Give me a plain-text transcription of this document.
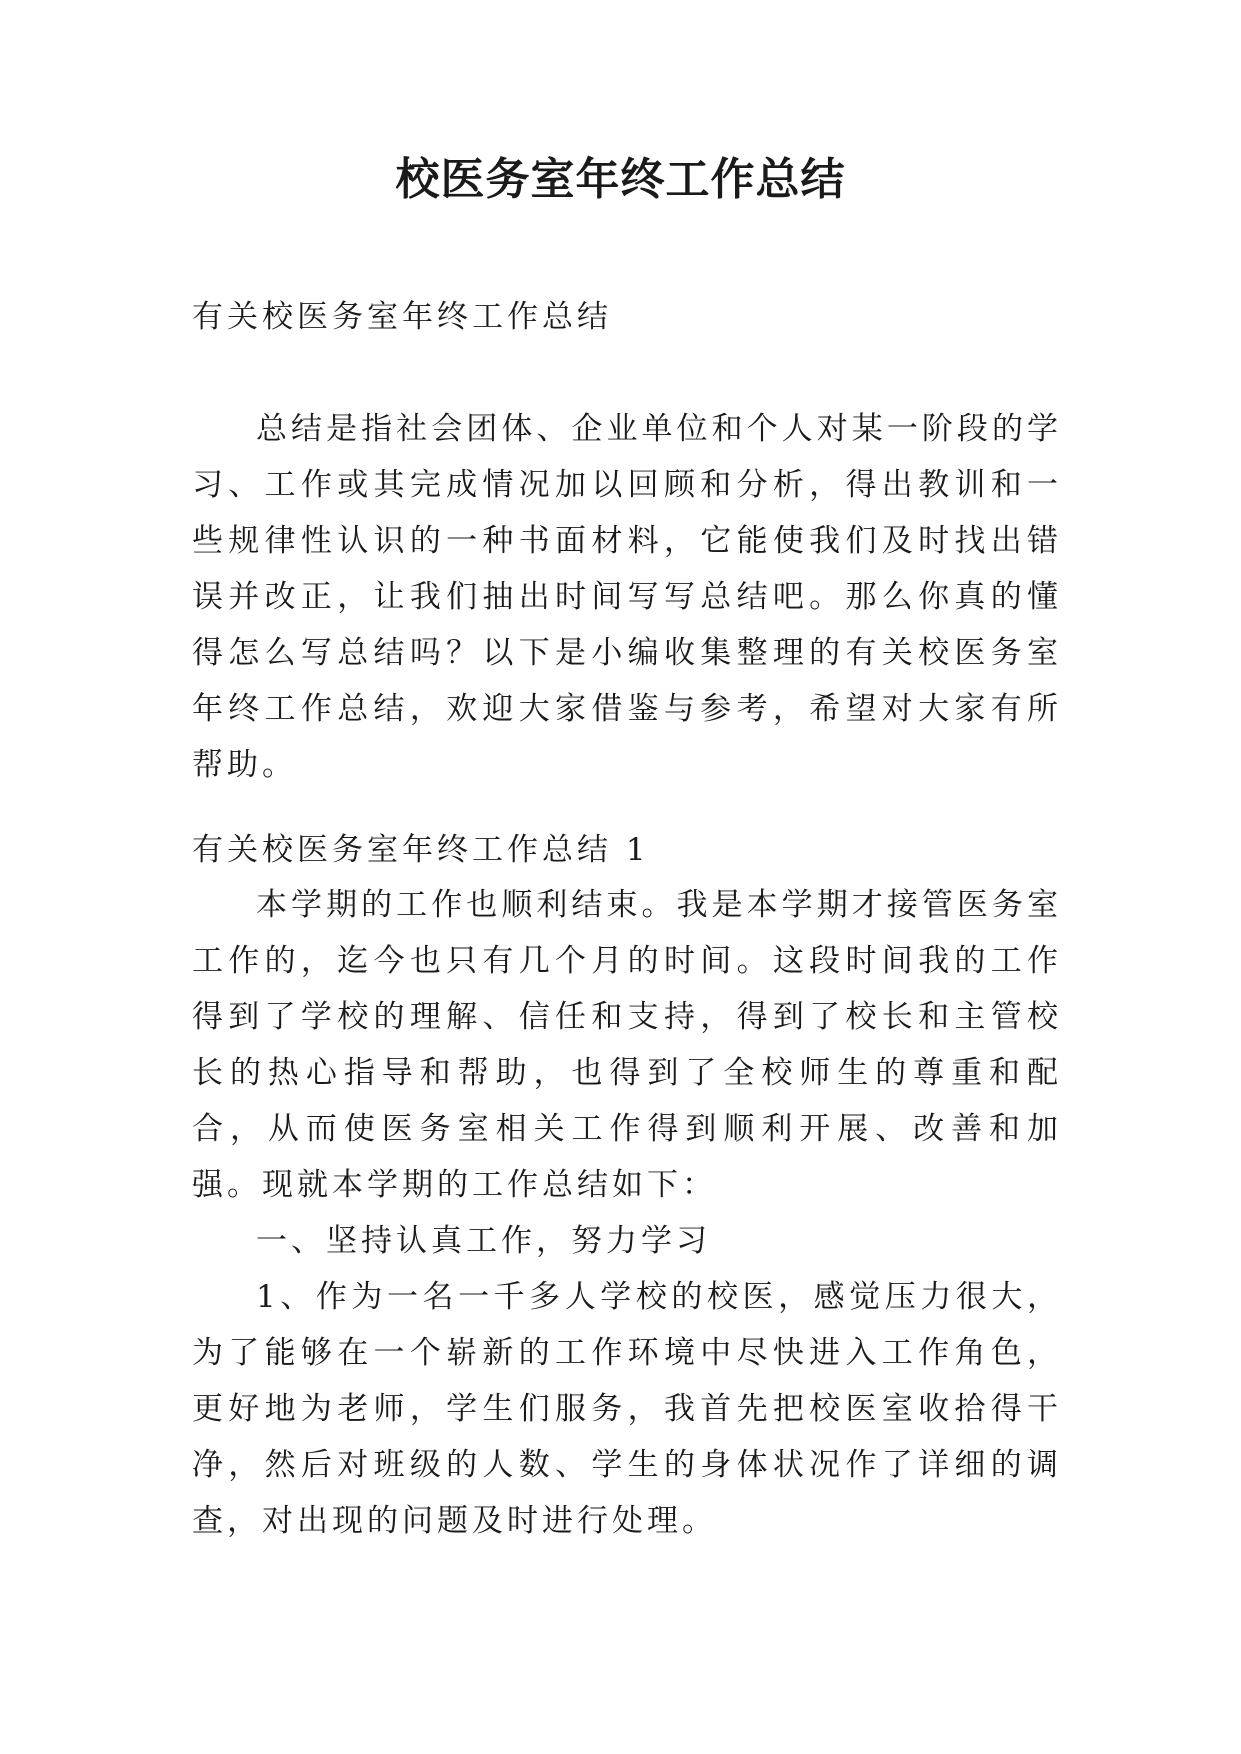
校医务室年终工作总结

有关校医务室年终工作总结

总结是指社会团体、企业单位和个人对某一阶段的学习、工作或其完成情况加以回顾和分析，得出教训和一些规律性认识的一种书面材料，它能使我们及时找出错误并改正，让我们抽出时间写写总结吧。那么你真的懂得怎么写总结吗？以下是小编收集整理的有关校医务室年终工作总结，欢迎大家借鉴与参考，希望对大家有所帮助。

有关校医务室年终工作总结 1

本学期的工作也顺利结束。我是本学期才接管医务室工作的，迄今也只有几个月的时间。这段时间我的工作得到了学校的理解、信任和支持，得到了校长和主管校长的热心指导和帮助，也得到了全校师生的尊重和配合，从而使医务室相关工作得到顺利开展、改善和加强。现就本学期的工作总结如下：

一、坚持认真工作，努力学习

1、作为一名一千多人学校的校医，感觉压力很大，为了能够在一个崭新的工作环境中尽快进入工作角色，更好地为老师，学生们服务，我首先把校医室收拾得干净，然后对班级的人数、学生的身体状况作了详细的调查，对出现的问题及时进行处理。
